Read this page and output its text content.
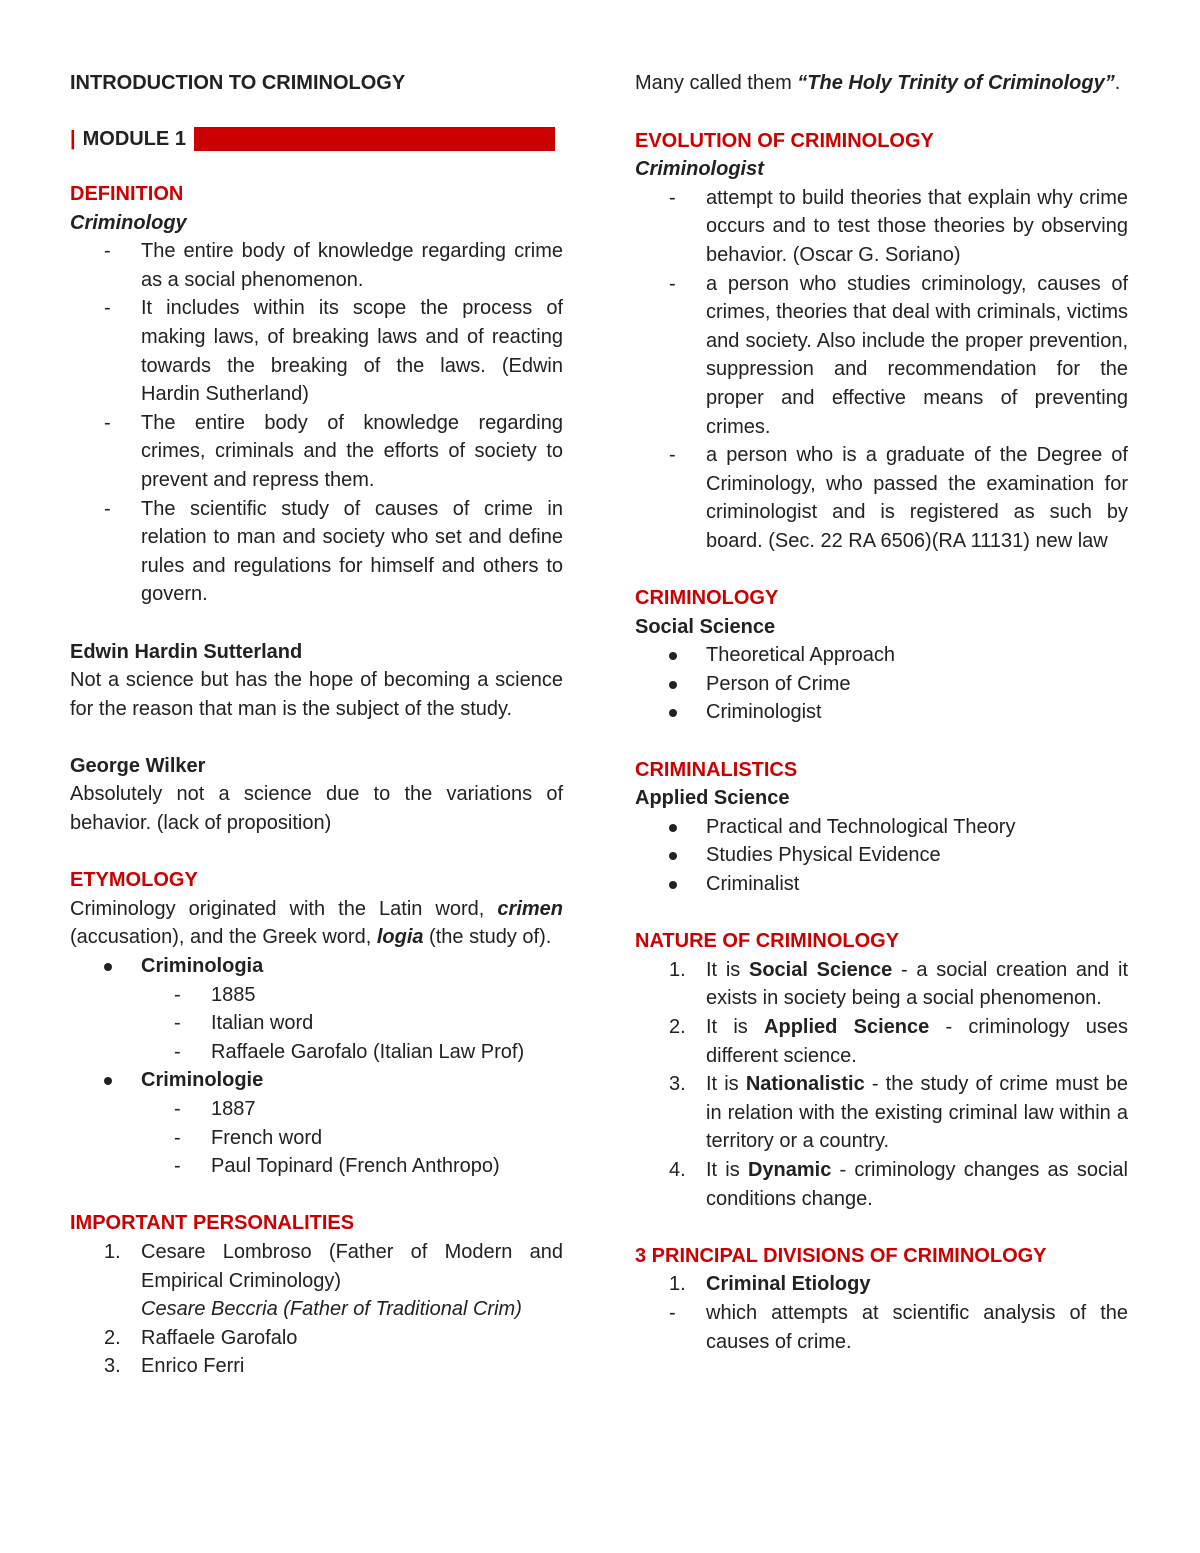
INTRODUCTION TO CRIMINOLOGY

| MODULE 1

DEFINITION

Criminology

- The entire body of knowledge regarding crime as a social phenomenon.
- It includes within its scope the process of making laws, of breaking laws and of reacting towards the breaking of the laws. (Edwin Hardin Sutherland)
- The entire body of knowledge regarding crimes, criminals and the efforts of society to prevent and repress them.
- The scientific study of causes of crime in relation to man and society who set and define rules and regulations for himself and others to govern.

Edwin Hardin Sutterland

Not a science but has the hope of becoming a science for the reason that man is the subject of the study.

George Wilker

Absolutely not a science due to the variations of behavior. (lack of proposition)

ETYMOLOGY

Criminology originated with the Latin word, crimen (accusation), and the Greek word, logia (the study of).

Criminologia
- 1885
- Italian word
- Raffaele Garofalo (Italian Law Prof)
Criminologie
- 1887
- French word
- Paul Topinard (French Anthropo)

IMPORTANT PERSONALITIES

1. Cesare Lombroso (Father of Modern and Empirical Criminology)
Cesare Beccria (Father of Traditional Crim)
2. Raffaele Garofalo
3. Enrico Ferri

Many called them “The Holy Trinity of Criminology”.

EVOLUTION OF CRIMINOLOGY

Criminologist

- attempt to build theories that explain why crime occurs and to test those theories by observing behavior. (Oscar G. Soriano)
- a person who studies criminology, causes of crimes, theories that deal with criminals, victims and society. Also include the proper prevention, suppression and recommendation for the proper and effective means of preventing crimes.
- a person who is a graduate of the Degree of Criminology, who passed the examination for criminologist and is registered as such by board. (Sec. 22 RA 6506)(RA 11131) new law

CRIMINOLOGY

Social Science

Theoretical Approach
Person of Crime
Criminologist

CRIMINALISTICS

Applied Science

Practical and Technological Theory
Studies Physical Evidence
Criminalist

NATURE OF CRIMINOLOGY

1. It is Social Science - a social creation and it exists in society being a social phenomenon.
2. It is Applied Science - criminology uses different science.
3. It is Nationalistic - the study of crime must be in relation with the existing criminal law within a territory or a country.
4. It is Dynamic - criminology changes as social conditions change.

3 PRINCIPAL DIVISIONS OF CRIMINOLOGY

1. Criminal Etiology
- which attempts at scientific analysis of the causes of crime.
